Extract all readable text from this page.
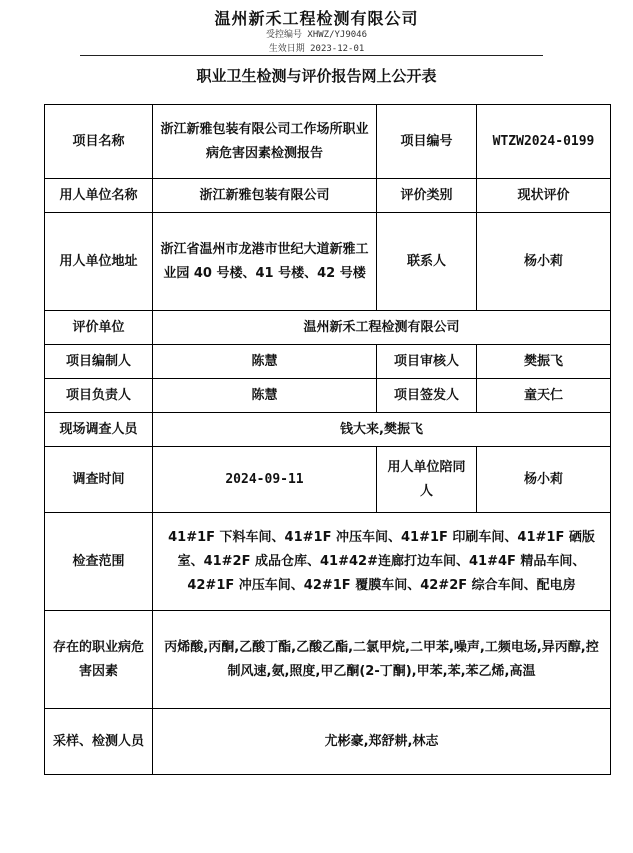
温州新禾工程检测有限公司
受控编号 XHWZ/YJ9046
生效日期 2023-12-01
职业卫生检测与评价报告网上公开表
项目名称	浙江新雅包装有限公司工作场所职业病危害因素检测报告	项目编号	WTZW2024-0199
用人单位名称	浙江新雅包装有限公司	评价类别	现状评价
用人单位地址	浙江省温州市龙港市世纪大道新雅工业园 40 号楼、41 号楼、42 号楼	联系人	杨小莉
评价单位	温州新禾工程检测有限公司		
项目编制人	陈慧	项目审核人	樊振飞
项目负责人	陈慧	项目签发人	童天仁
现场调查人员	钱大来,樊振飞		
调查时间	2024-09-11	用人单位陪同人	杨小莉
检查范围	41#1F 下料车间、41#1F 冲压车间、41#1F 印刷车间、41#1F 硒版室、41#2F 成品仓库、41#42#连廊打边车间、41#4F 精品车间、42#1F 冲压车间、42#1F 覆膜车间、42#2F 综合车间、配电房		
存在的职业病危害因素	丙烯酸,丙酮,乙酸丁酯,乙酸乙酯,二氯甲烷,二甲苯,噪声,工频电场,异丙醇,控制风速,氨,照度,甲乙酮(2-丁酮),甲苯,苯,苯乙烯,高温		
采样、检测人员	尤彬豪,郑舒耕,林志		
